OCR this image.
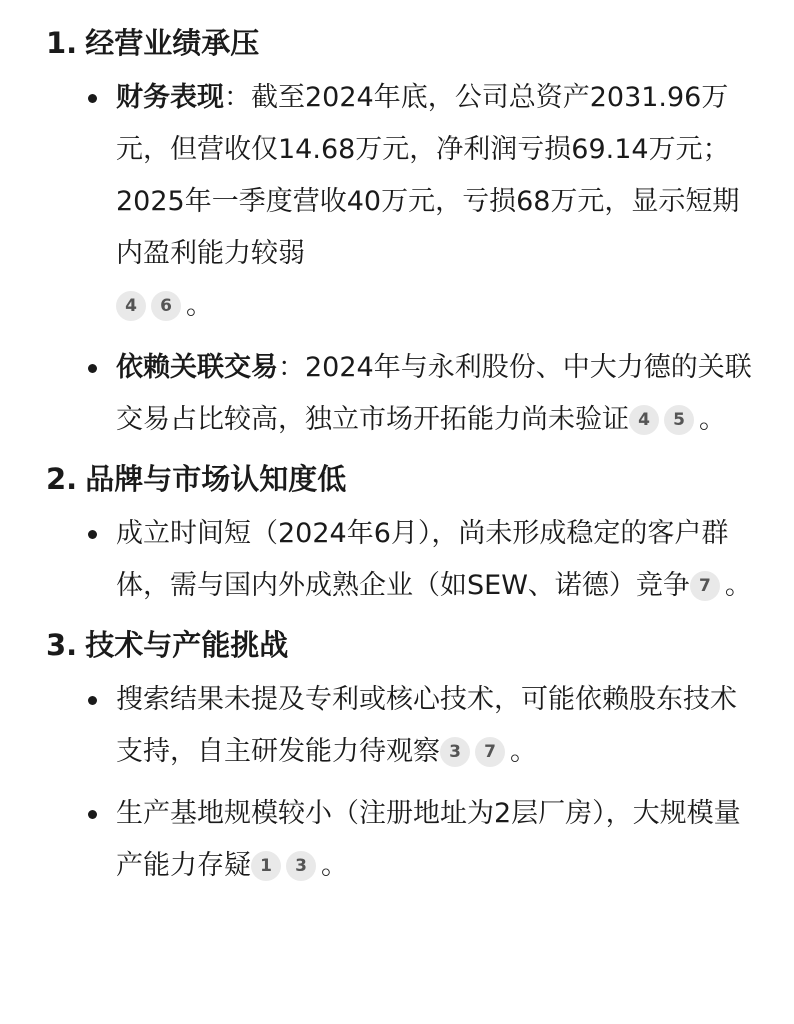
1. 经营业绩承压
财务表现：截至2024年底，公司总资产2031.96万元，但营收仅14.68万元，净利润亏损69.14万元；2025年一季度营收40万元，亏损68万元，显示短期内盈利能力较弱
4 6 。
依赖关联交易：2024年与永利股份、中大力德的关联交易占比较高，独立市场开拓能力尚未验证 4 5 。
2. 品牌与市场认知度低
成立时间短（2024年6月），尚未形成稳定的客户群体，需与国内外成熟企业（如SEW、诺德）竞争 7 。
3. 技术与产能挑战
搜索结果未提及专利或核心技术，可能依赖股东技术支持，自主研发能力待观察 3 7 。
生产基地规模较小（注册地址为2层厂房），大规模量产能力存疑 1 3 。
